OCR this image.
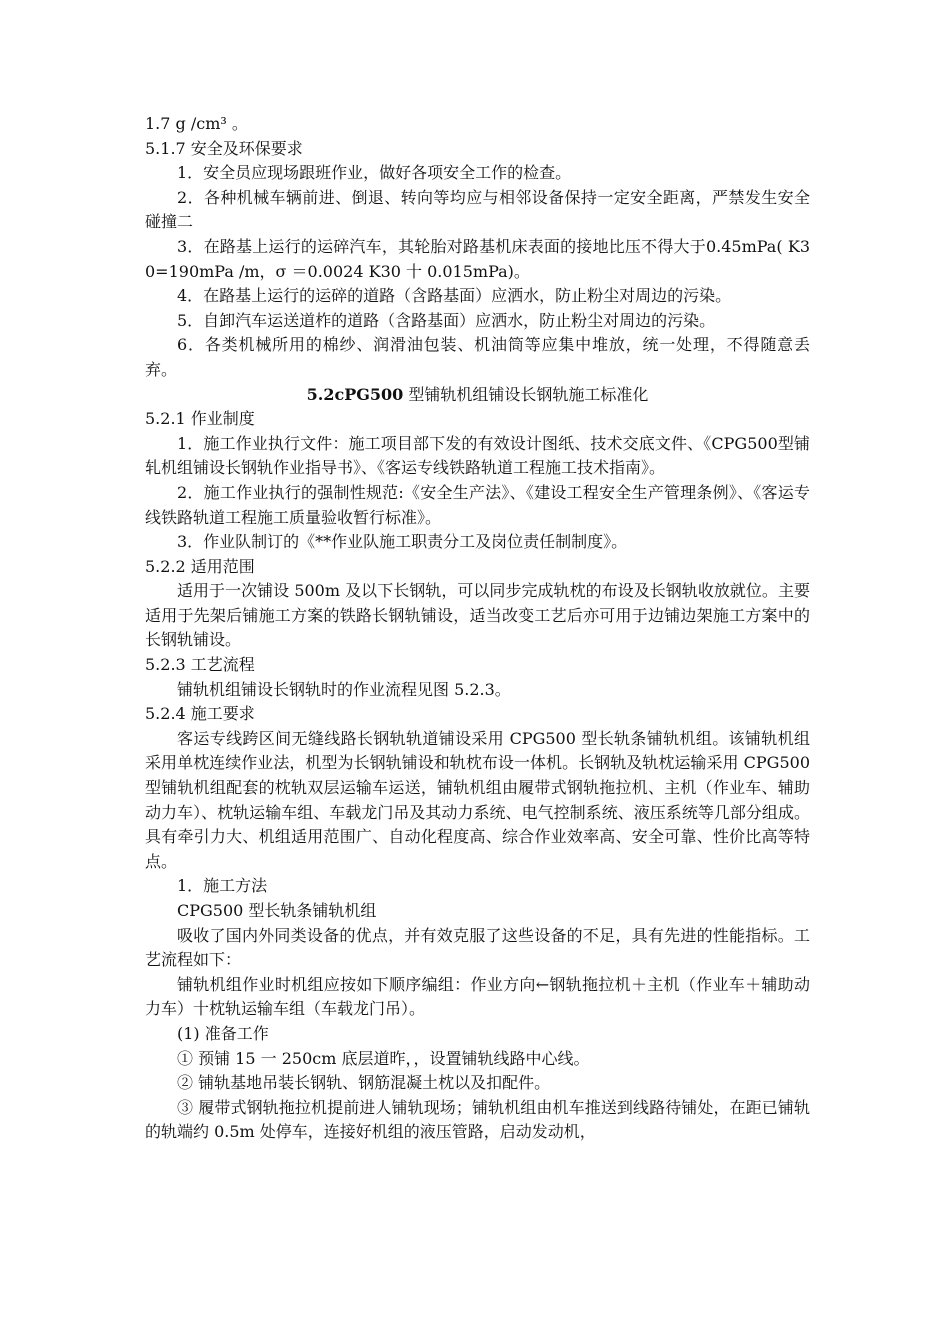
1.7 g /cm³ 。

5.1.7 安全及环保要求

1．安全员应现场跟班作业，做好各项安全工作的检查。

2．各种机械车辆前进、倒退、转向等均应与相邻设备保持一定安全距离，严禁发生安全碰撞二

3．在路基上运行的运碎汽车，其轮胎对路基机床表面的接地比压不得大于0.45mPa( K30=190mPa /m，σ ＝0.0024 K30 十 0.015mPa)。

4．在路基上运行的运碎的道路（含路基面）应洒水，防止粉尘对周边的污染。

5．自卸汽车运送道柞的道路（含路基面）应洒水，防止粉尘对周边的污染。

6．各类机械所用的棉纱、润滑油包装、机油筒等应集中堆放，统一处理，不得随意丢弃。

5.2cPG500 型铺轨机组铺设长钢轨施工标准化

5.2.1 作业制度

1．施工作业执行文件：施工项目部下发的有效设计图纸、技术交底文件、《CPG500型铺轧机组铺设长钢轨作业指导书》、《客运专线铁路轨道工程施工技术指南》。

2．施工作业执行的强制性规范:《安全生产法》、《建设工程安全生产管理条例》、《客运专线铁路轨道工程施工质量验收暂行标准》。

3．作业队制订的《**作业队施工职责分工及岗位责任制制度》。

5.2.2 适用范围

适用于一次铺设 500m 及以下长钢轨，可以同步完成轨枕的布设及长钢轨收放就位。主要适用于先架后铺施工方案的铁路长钢轨铺设，适当改变工艺后亦可用于边铺边架施工方案中的长钢轨铺设。

5.2.3 工艺流程

铺轨机组铺设长钢轨时的作业流程见图 5.2.3。

5.2.4 施工要求

客运专线跨区间无缝线路长钢轨轨道铺设采用 CPG500 型长轨条铺轨机组。该铺轨机组采用单枕连续作业法，机型为长钢轨铺设和轨枕布设一体机。长钢轨及轨枕运输采用 CPG500 型铺轨机组配套的枕轨双层运输车运送，铺轨机组由履带式钢轨拖拉机、主机（作业车、辅助动力车）、枕轨运输车组、车载龙门吊及其动力系统、电气控制系统、液压系统等几部分组成。具有牵引力大、机组适用范围广、自动化程度高、综合作业效率高、安全可靠、性价比高等特点。

1．施工方法

CPG500 型长轨条铺轨机组

吸收了国内外同类设备的优点，并有效克服了这些设备的不足，具有先进的性能指标。工艺流程如下：

铺轨机组作业时机组应按如下顺序编组：作业方向←钢轨拖拉机＋主机（作业车＋辅助动力车）十枕轨运输车组（车载龙门吊）。

(1) 准备工作

① 预铺 15 一 250cm 底层道昨，，设置铺轨线路中心线。

② 铺轨基地吊装长钢轨、钢筋混凝土枕以及扣配件。

③ 履带式钢轨拖拉机提前进人铺轨现场；铺轨机组由机车推送到线路待铺处，在距已铺轨的轨端约 0.5m 处停车，连接好机组的液压管路，启动发动机，
